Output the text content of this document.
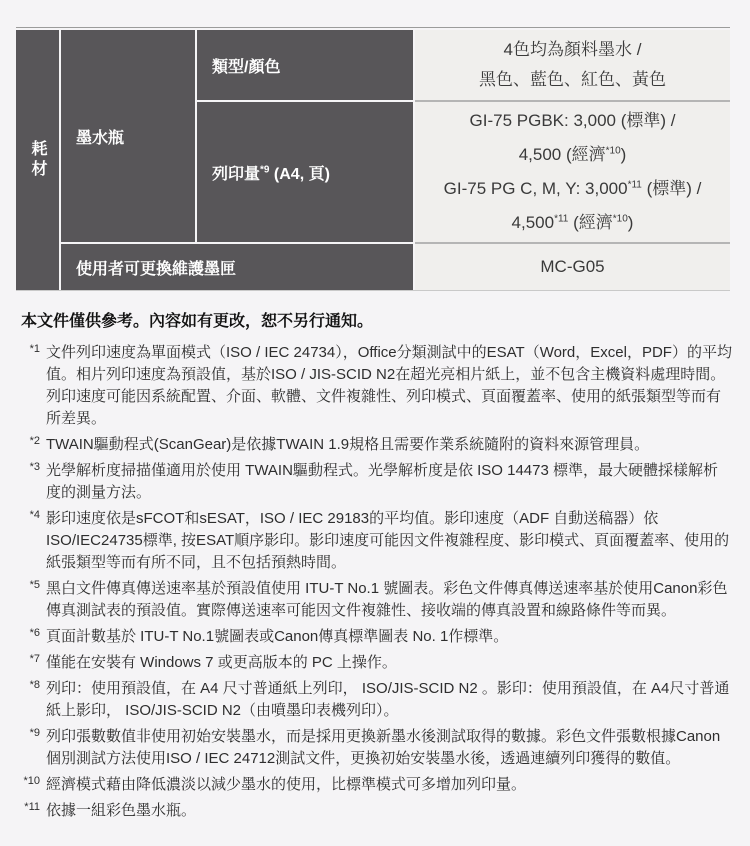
耗材
墨水瓶
類型/顏色
列印量$^{*9}$ (A4, 頁)
使用者可更換維護墨匣
4色均為顏料墨水 /
黑色、藍色、紅色、黃色
GI-75 PGBK: 3,000 (標準) /
4,500 (經濟$^{*10}$)
GI-75 PG C, M, Y: 3,000$^{*11}$ (標準) /
4,500$^{*11}$ (經濟$^{*10}$)
MC-G05
本文件僅供參考。內容如有更改，恕不另行通知。
*1 文件列印速度為單面模式（ISO / IEC 24734），Office分類測試中的ESAT（Word，Excel，PDF）的平均值。相片列印速度為預設值，基於ISO / JIS-SCID N2在超光亮相片紙上，並不包含主機資料處理時間。列印速度可能因系統配置、介面、軟體、文件複雜性、列印模式、頁面覆蓋率、使用的紙張類型等而有所差異。
*2 TWAIN驅動程式(ScanGear)是依據TWAIN 1.9規格且需要作業系統隨附的資料來源管理員。
*3 光學解析度掃描僅適用於使用 TWAIN驅動程式。光學解析度是依 ISO 14473 標準，最大硬體採樣解析度的測量方法。
*4 影印速度依是sFCOT和sESAT，ISO / IEC 29183的平均值。影印速度（ADF 自動送稿器）依ISO/IEC24735標準, 按ESAT順序影印。影印速度可能因文件複雜程度、影印模式、頁面覆蓋率、使用的紙張類型等而有所不同，且不包括預熱時間。
*5 黑白文件傳真傳送速率基於預設值使用 ITU-T No.1 號圖表。彩色文件傳真傳送速率基於使用Canon彩色傳真測試表的預設值。實際傳送速率可能因文件複雜性、接收端的傳真設置和線路條件等而異。
*6 頁面計數基於 ITU-T No.1號圖表或Canon傳真標準圖表 No. 1作標準。
*7 僅能在安裝有 Windows 7 或更高版本的 PC 上操作。
*8 列印：使用預設值，在 A4 尺寸普通紙上列印， ISO/JIS-SCID N2 。影印：使用預設值，在 A4尺寸普通紙上影印， ISO/JIS-SCID N2（由噴墨印表機列印）。
*9 列印張數數值非使用初始安裝墨水，而是採用更換新墨水後測試取得的數據。彩色文件張數根據Canon個別測試方法使用ISO / IEC 24712測試文件，更換初始安裝墨水後，透過連續列印獲得的數值。
*10 經濟模式藉由降低濃淡以減少墨水的使用，比標準模式可多增加列印量。
*11 依據一組彩色墨水瓶。
